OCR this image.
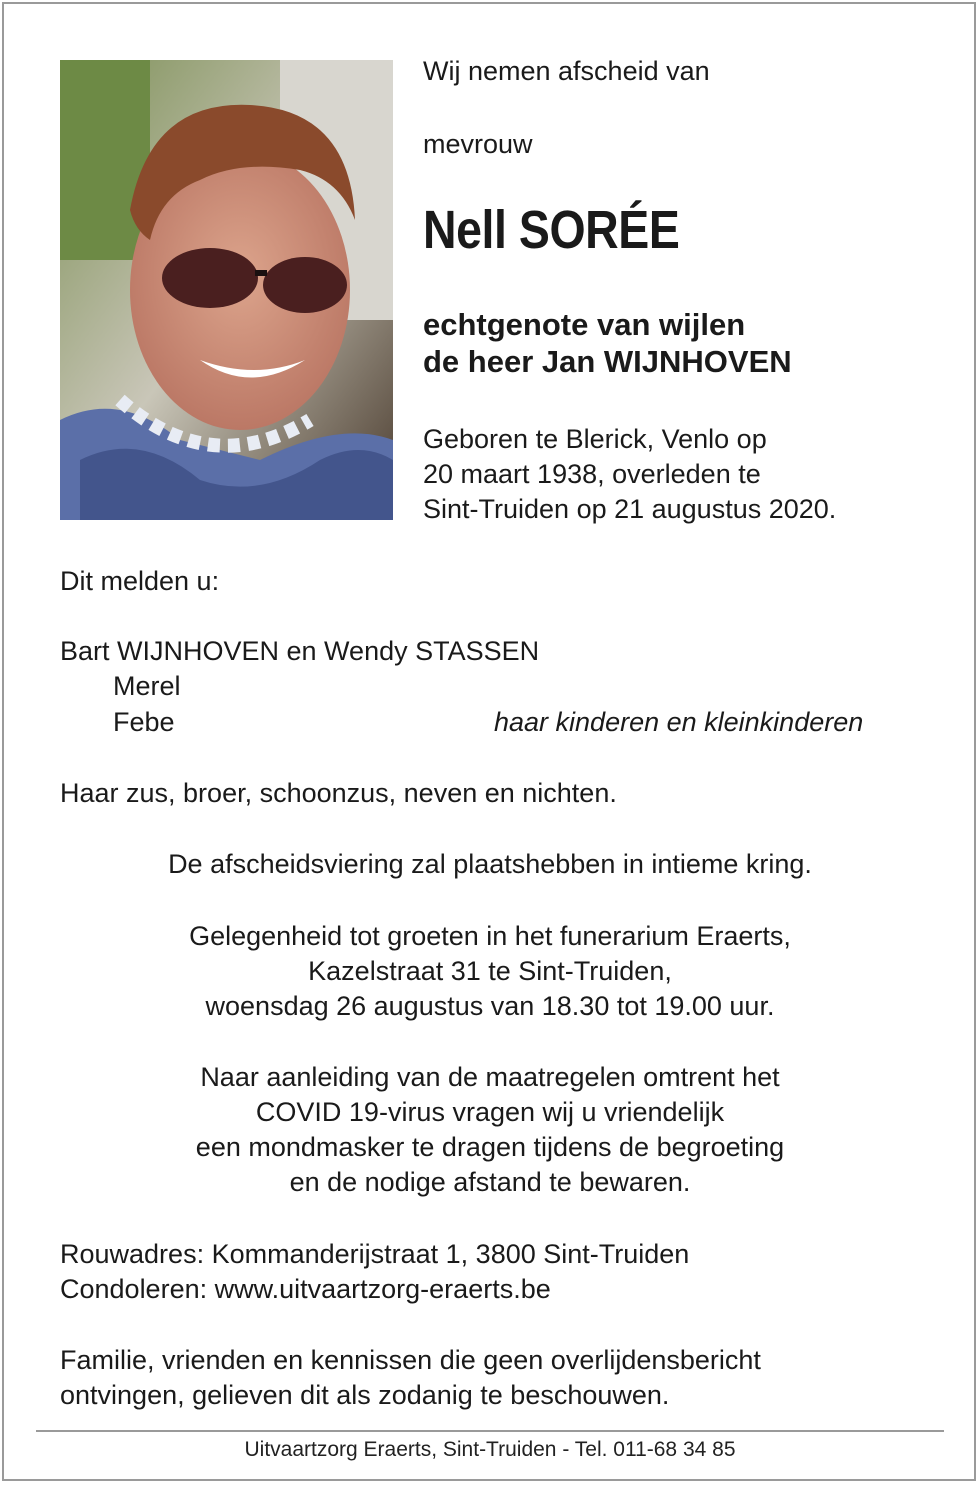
Wij nemen afscheid van
mevrouw
Nell SORÉE
echtgenote van wijlen
de heer Jan WIJNHOVEN
Geboren te Blerick, Venlo op
20 maart 1938, overleden te
Sint-Truiden op 21 augustus 2020.
Dit melden u:
Bart WIJNHOVEN en Wendy STASSEN
Merel
Febe	haar kinderen en kleinkinderen
Haar zus, broer, schoonzus, neven en nichten.
De afscheidsviering zal plaatshebben in intieme kring.
Gelegenheid tot groeten in het funerarium Eraerts,
Kazelstraat 31 te Sint-Truiden,
woensdag 26 augustus van 18.30 tot 19.00 uur.
Naar aanleiding van de maatregelen omtrent het
COVID 19-virus vragen wij u vriendelijk
een mondmasker te dragen tijdens de begroeting
en de nodige afstand te bewaren.
Rouwadres: Kommanderijstraat 1, 3800 Sint-Truiden
Condoleren: www.uitvaartzorg-eraerts.be
Familie, vrienden en kennissen die geen overlijdensbericht
ontvingen, gelieven dit als zodanig te beschouwen.
Uitvaartzorg Eraerts, Sint-Truiden - Tel. 011-68 34 85
